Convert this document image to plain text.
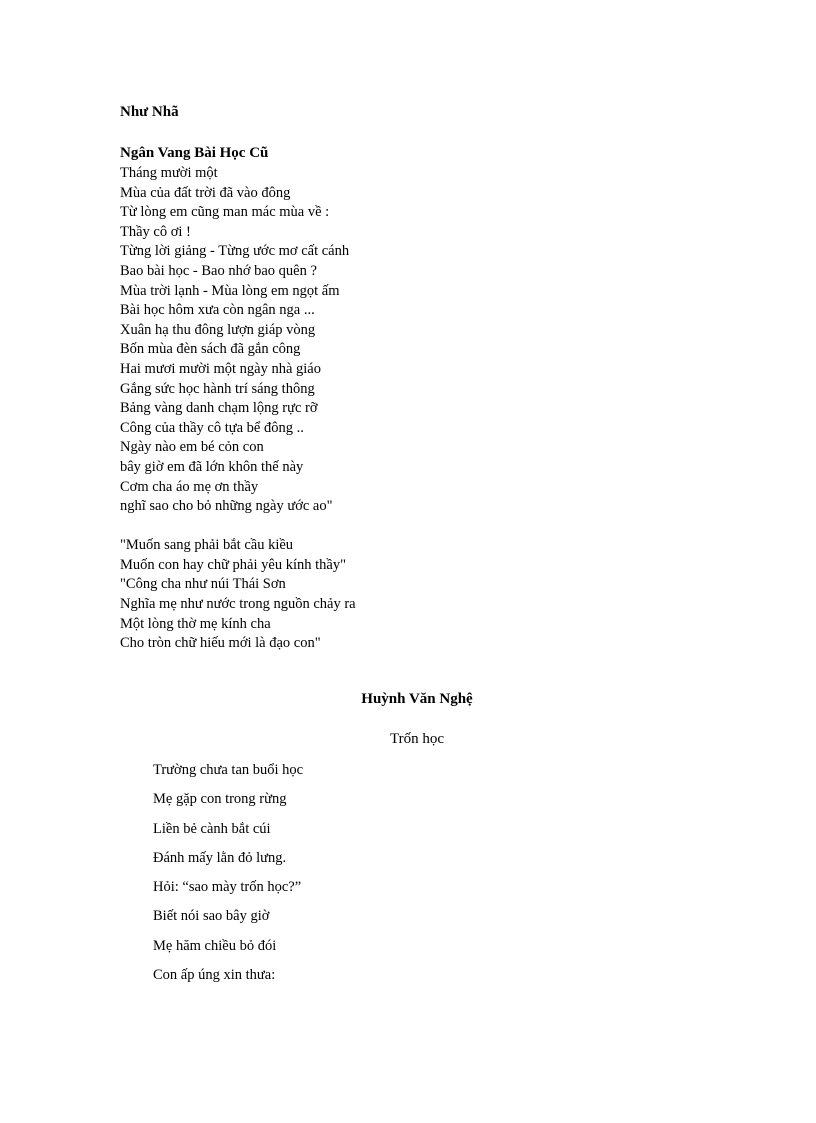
Như Nhã

Ngân Vang Bài Học Cũ

Tháng mười một
Mùa của đất trời đã vào đông
Từ lòng em cũng man mác mùa về :
Thầy cô ơi !
Từng lời giảng - Từng ước mơ cất cánh
Bao bài học - Bao nhớ bao quên ?
Mùa trời lạnh - Mùa lòng em ngọt ấm
Bài học hôm xưa còn ngân nga ...
Xuân hạ thu đông lượn giáp vòng
Bốn mùa đèn sách đã gắn công
Hai mươi mười một ngày nhà giáo
Gắng sức học hành trí sáng thông
Bảng vàng danh chạm lộng rực rỡ
Công của thầy cô tựa bể đông ..
Ngày nào em bé cỏn con
bây giờ em đã lớn khôn thế này
Cơm cha áo mẹ ơn thầy
nghĩ sao cho bỏ những ngày ước ao"
"Muốn sang phải bắt cầu kiều
Muốn con hay chữ phải yêu kính thầy"
"Công cha như núi Thái Sơn
Nghĩa mẹ như nước trong nguồn chảy ra
Một lòng thờ mẹ kính cha
Cho tròn chữ hiếu mới là đạo con"

Huỳnh Văn Nghệ

Trốn học

Trường chưa tan buổi học
Mẹ gặp con trong rừng
Liền bẻ cành bắt cúi
Đánh mấy lằn đỏ lưng.
Hỏi: “sao mày trốn học?”
Biết nói sao bây giờ
Mẹ hăm chiều bỏ đói
Con ấp úng xin thưa:
